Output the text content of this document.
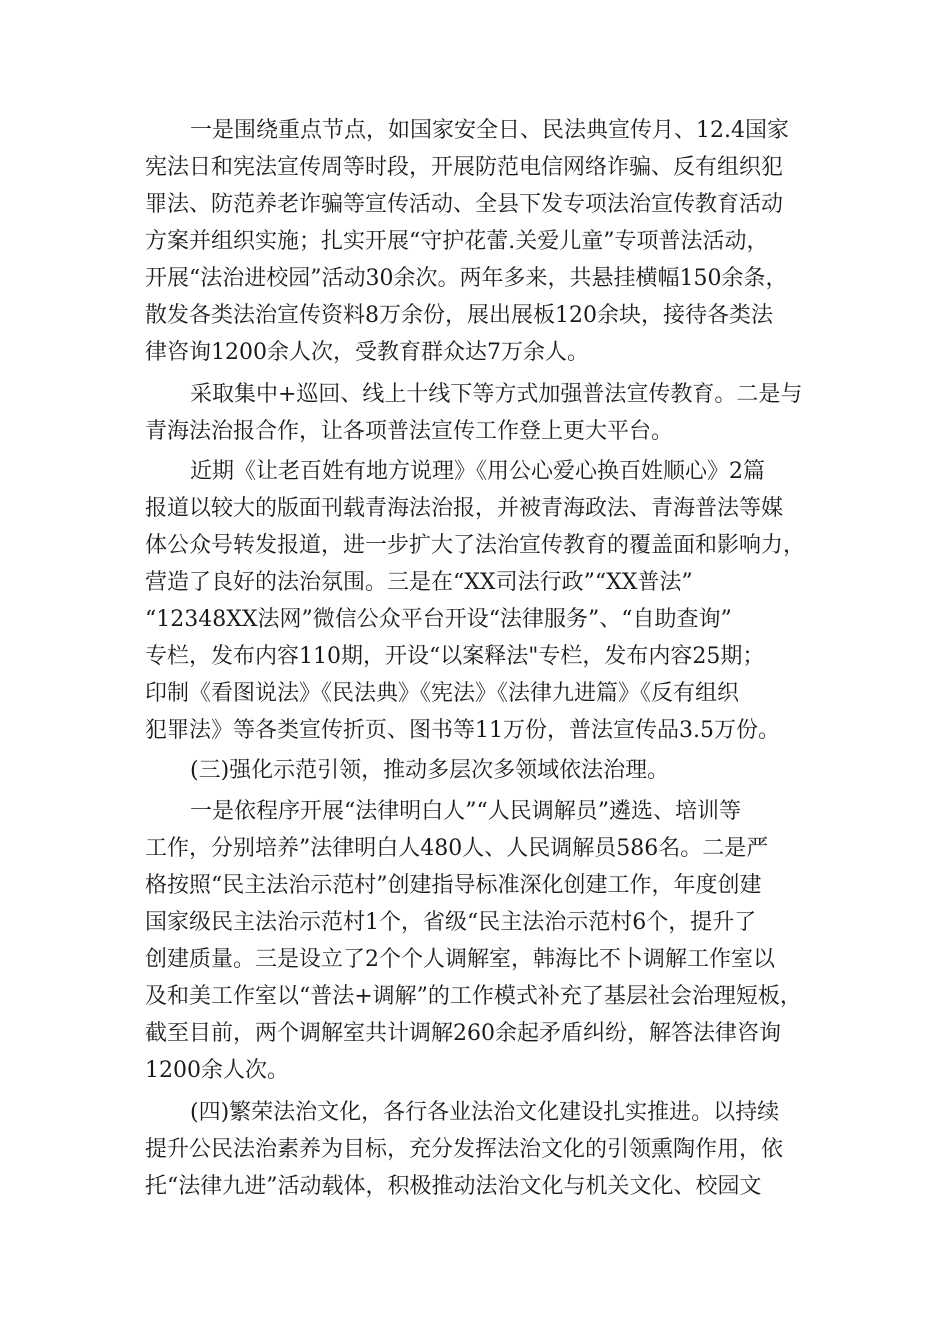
一是围绕重点节点，如国家安全日、民法典宣传月、12.4国家
宪法日和宪法宣传周等时段，开展防范电信网络诈骗、反有组织犯
罪法、防范养老诈骗等宣传活动、全县下发专项法治宣传教育活动
方案并组织实施；扎实开展“守护花蕾.关爱儿童”专项普法活动，
开展“法治进校园”活动30余次。两年多来，共悬挂横幅150余条，
散发各类法治宣传资料8万余份，展出展板120余块，接待各类法
律咨询1200余人次，受教育群众达7万余人。
采取集中+巡回、线上十线下等方式加强普法宣传教育。二是与
青海法治报合作，让各项普法宣传工作登上更大平台。
近期《让老百姓有地方说理》《用公心爱心换百姓顺心》2篇
报道以较大的版面刊载青海法治报，并被青海政法、青海普法等媒
体公众号转发报道，进一步扩大了法治宣传教育的覆盖面和影响力，
营造了良好的法治氛围。三是在“XX司法行政”“XX普法”
“12348XX法网”微信公众平台开设“法律服务”、“自助查询”
专栏，发布内容110期，开设“以案释法"专栏，发布内容25期；
印制《看图说法》《民法典》《宪法》《法律九进篇》《反有组织
犯罪法》等各类宣传折页、图书等11万份，普法宣传品3.5万份。
(三)强化示范引领，推动多层次多领域依法治理。
一是依程序开展“法律明白人”“人民调解员”遴选、培训等
工作，分别培养”法律明白人480人、人民调解员586名。二是严
格按照“民主法治示范村”创建指导标准深化创建工作，年度创建
国家级民主法治示范村1个，省级“民主法治示范村6个，提升了
创建质量。三是设立了2个个人调解室，韩海比不卜调解工作室以
及和美工作室以“普法+调解”的工作模式补充了基层社会治理短板，
截至目前，两个调解室共计调解260余起矛盾纠纷，解答法律咨询
1200余人次。
(四)繁荣法治文化，各行各业法治文化建设扎实推进。以持续
提升公民法治素养为目标，充分发挥法治文化的引领熏陶作用，依
托“法律九进”活动载体，积极推动法治文化与机关文化、校园文
